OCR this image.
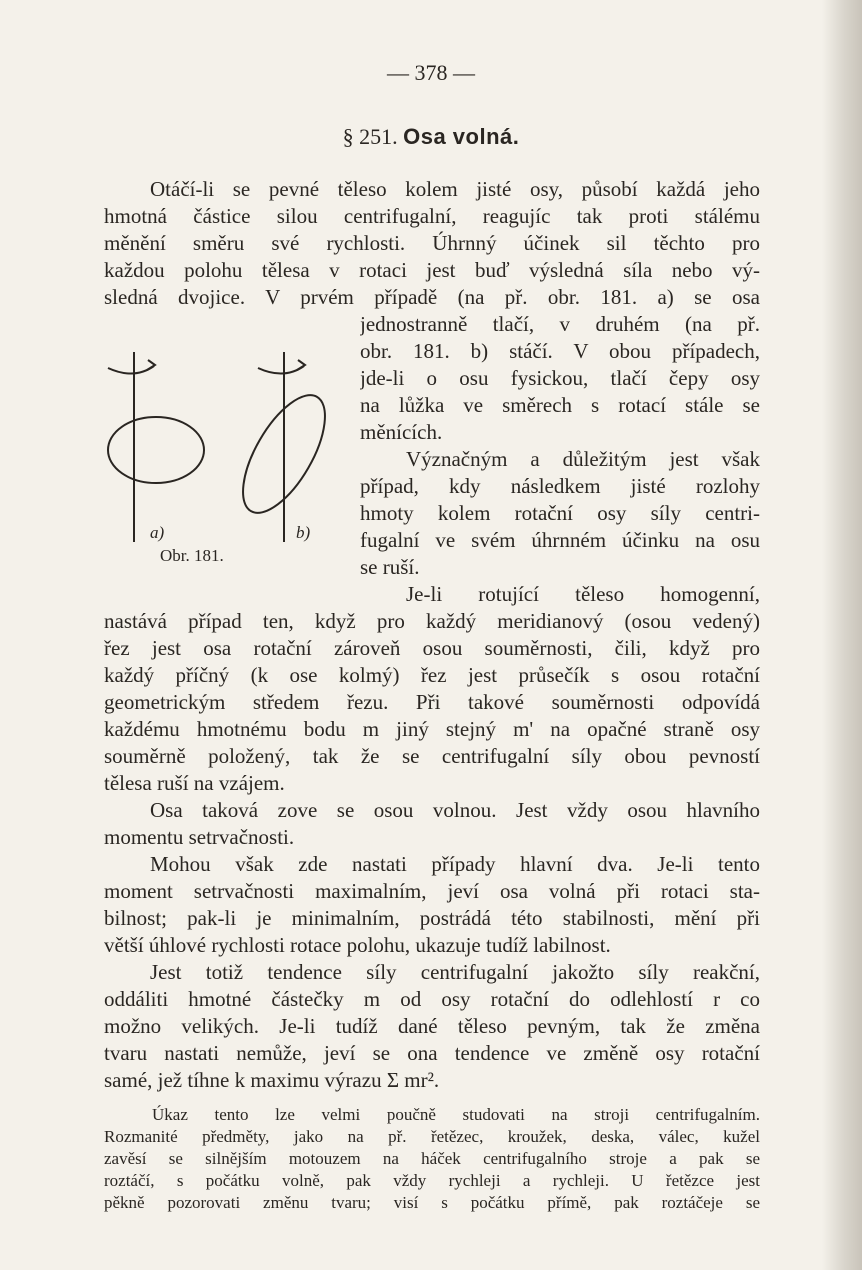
— 378 —
§ 251. Osa volná.
Otáčí-li se pevné těleso kolem jisté osy, působí každá jeho
hmotná částice silou centrifugalní, reagujíc tak proti stálému
měnění směru své rychlosti. Úhrnný účinek sil těchto pro
každou polohu tělesa v rotaci jest buď výsledná síla nebo vý-
sledná dvojice. V prvém případě (na př. obr. 181. a) se osa
a)	b)
Obr. 181.
jednostranně tlačí, v druhém (na př.
obr. 181. b) stáčí. V obou případech,
jde-li o osu fysickou, tlačí čepy osy
na lůžka ve směrech s rotací stále se
měnících.
Význačným a důležitým jest však
případ, kdy následkem jisté rozlohy
hmoty kolem rotační osy síly centri-
fugalní ve svém úhrnném účinku na osu
se ruší.
Je-li rotující těleso homogenní,
nastává případ ten, když pro každý meridianový (osou vedený)
řez jest osa rotační zároveň osou souměrnosti, čili, když pro
každý příčný (k ose kolmý) řez jest průsečík s osou rotační
geometrickým středem řezu. Při takové souměrnosti odpovídá
každému hmotnému bodu m jiný stejný m' na opačné straně osy
souměrně položený, tak že se centrifugalní síly obou pevností
tělesa ruší na vzájem.
Osa taková zove se osou volnou. Jest vždy osou hlavního
momentu setrvačnosti.
Mohou však zde nastati případy hlavní dva. Je-li tento
moment setrvačnosti maximalním, jeví osa volná při rotaci sta-
bilnost; pak-li je minimalním, postrádá této stabilnosti, mění při
větší úhlové rychlosti rotace polohu, ukazuje tudíž labilnost.
Jest totiž tendence síly centrifugalní jakožto síly reakční,
oddáliti hmotné částečky m od osy rotační do odlehlostí r co
možno velikých. Je-li tudíž dané těleso pevným, tak že změna
tvaru nastati nemůže, jeví se ona tendence ve změně osy rotační
samé, jež tíhne k maximu výrazu Σ mr².
Úkaz tento lze velmi poučně studovati na stroji centrifugalním.
Rozmanité předměty, jako na př. řetězec, kroužek, deska, válec, kužel
zavěsí se silnějším motouzem na háček centrifugalního stroje a pak se
roztáčí, s počátku volně, pak vždy rychleji a rychleji. U řetězce jest
pěkně pozorovati změnu tvaru; visí s počátku přímě, pak roztáčeje se
